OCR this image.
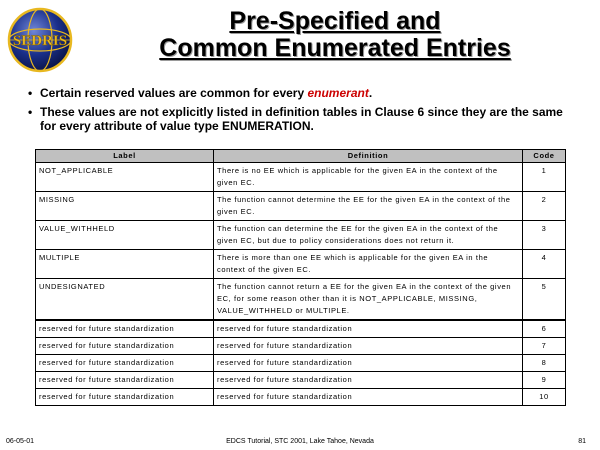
SEDRIS
Pre-Specified and
Common Enumerated Entries
• Certain reserved values are common for every enumerant.
• These values are not explicitly listed in definition tables in Clause 6 since they are the same for every attribute of value type ENUMERATION.
Label	Definition	Code
NOT_APPLICABLE	There is no EE which is applicable for the given EA in the context of the given EC.	1
MISSING	The function cannot determine the EE for the given EA in the context of the given EC.	2
VALUE_WITHHELD	The function can determine the EE for the given EA in the context of the given EC, but due to policy considerations does not return it.	3
MULTIPLE	There is more than one EE which is applicable for the given EA in the context of the given EC.	4
UNDESIGNATED	The function cannot return a EE for the given EA in the context of the given EC, for some reason other than it is NOT_APPLICABLE, MISSING, VALUE_WITHHELD or MULTIPLE.	5
reserved for future standardization	reserved for future standardization	6
reserved for future standardization	reserved for future standardization	7
reserved for future standardization	reserved for future standardization	8
reserved for future standardization	reserved for future standardization	9
reserved for future standardization	reserved for future standardization	10
06-05-01	EDCS Tutorial, STC 2001, Lake Tahoe, Nevada	81
